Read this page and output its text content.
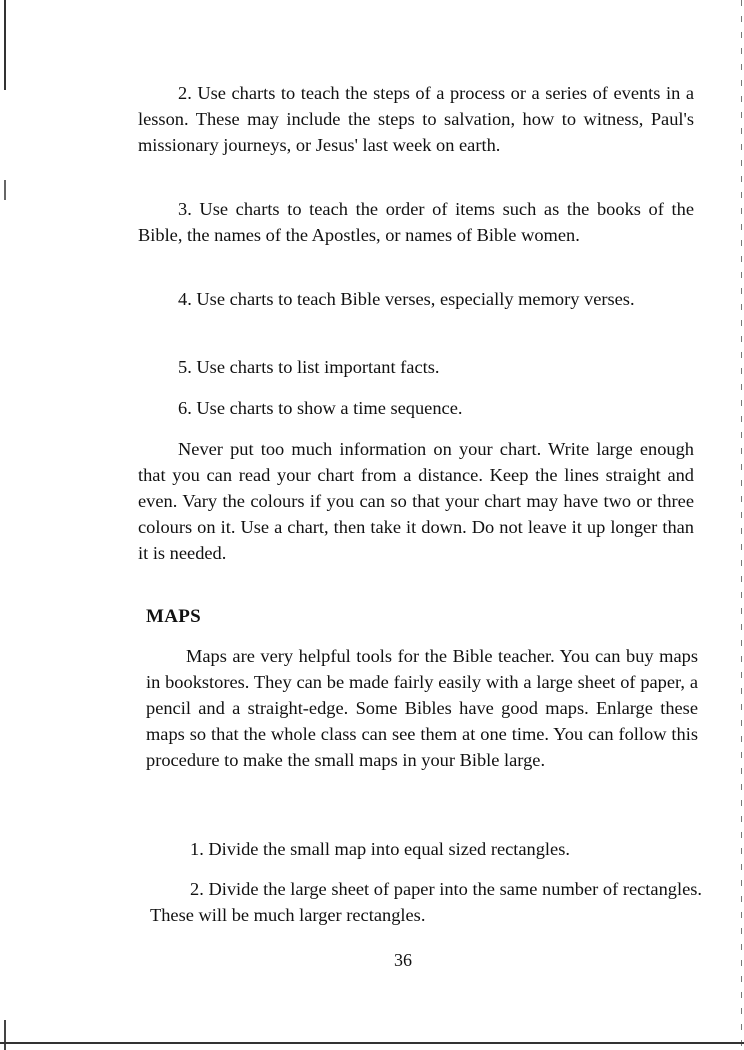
2. Use charts to teach the steps of a process or a series of events in a lesson. These may include the steps to salvation, how to witness, Paul's missionary journeys, or Jesus' last week on earth.

3. Use charts to teach the order of items such as the books of the Bible, the names of the Apostles, or names of Bible women.

4. Use charts to teach Bible verses, especially memory verses.

5. Use charts to list important facts.

6. Use charts to show a time sequence.

Never put too much information on your chart. Write large enough that you can read your chart from a distance. Keep the lines straight and even. Vary the colours if you can so that your chart may have two or three colours on it. Use a chart, then take it down. Do not leave it up longer than it is needed.

MAPS

Maps are very helpful tools for the Bible teacher. You can buy maps in bookstores. They can be made fairly easily with a large sheet of paper, a pencil and a straight-edge. Some Bibles have good maps. Enlarge these maps so that the whole class can see them at one time. You can follow this procedure to make the small maps in your Bible large.

1. Divide the small map into equal sized rectangles.

2. Divide the large sheet of paper into the same number of rectangles. These will be much larger rectangles.

36
